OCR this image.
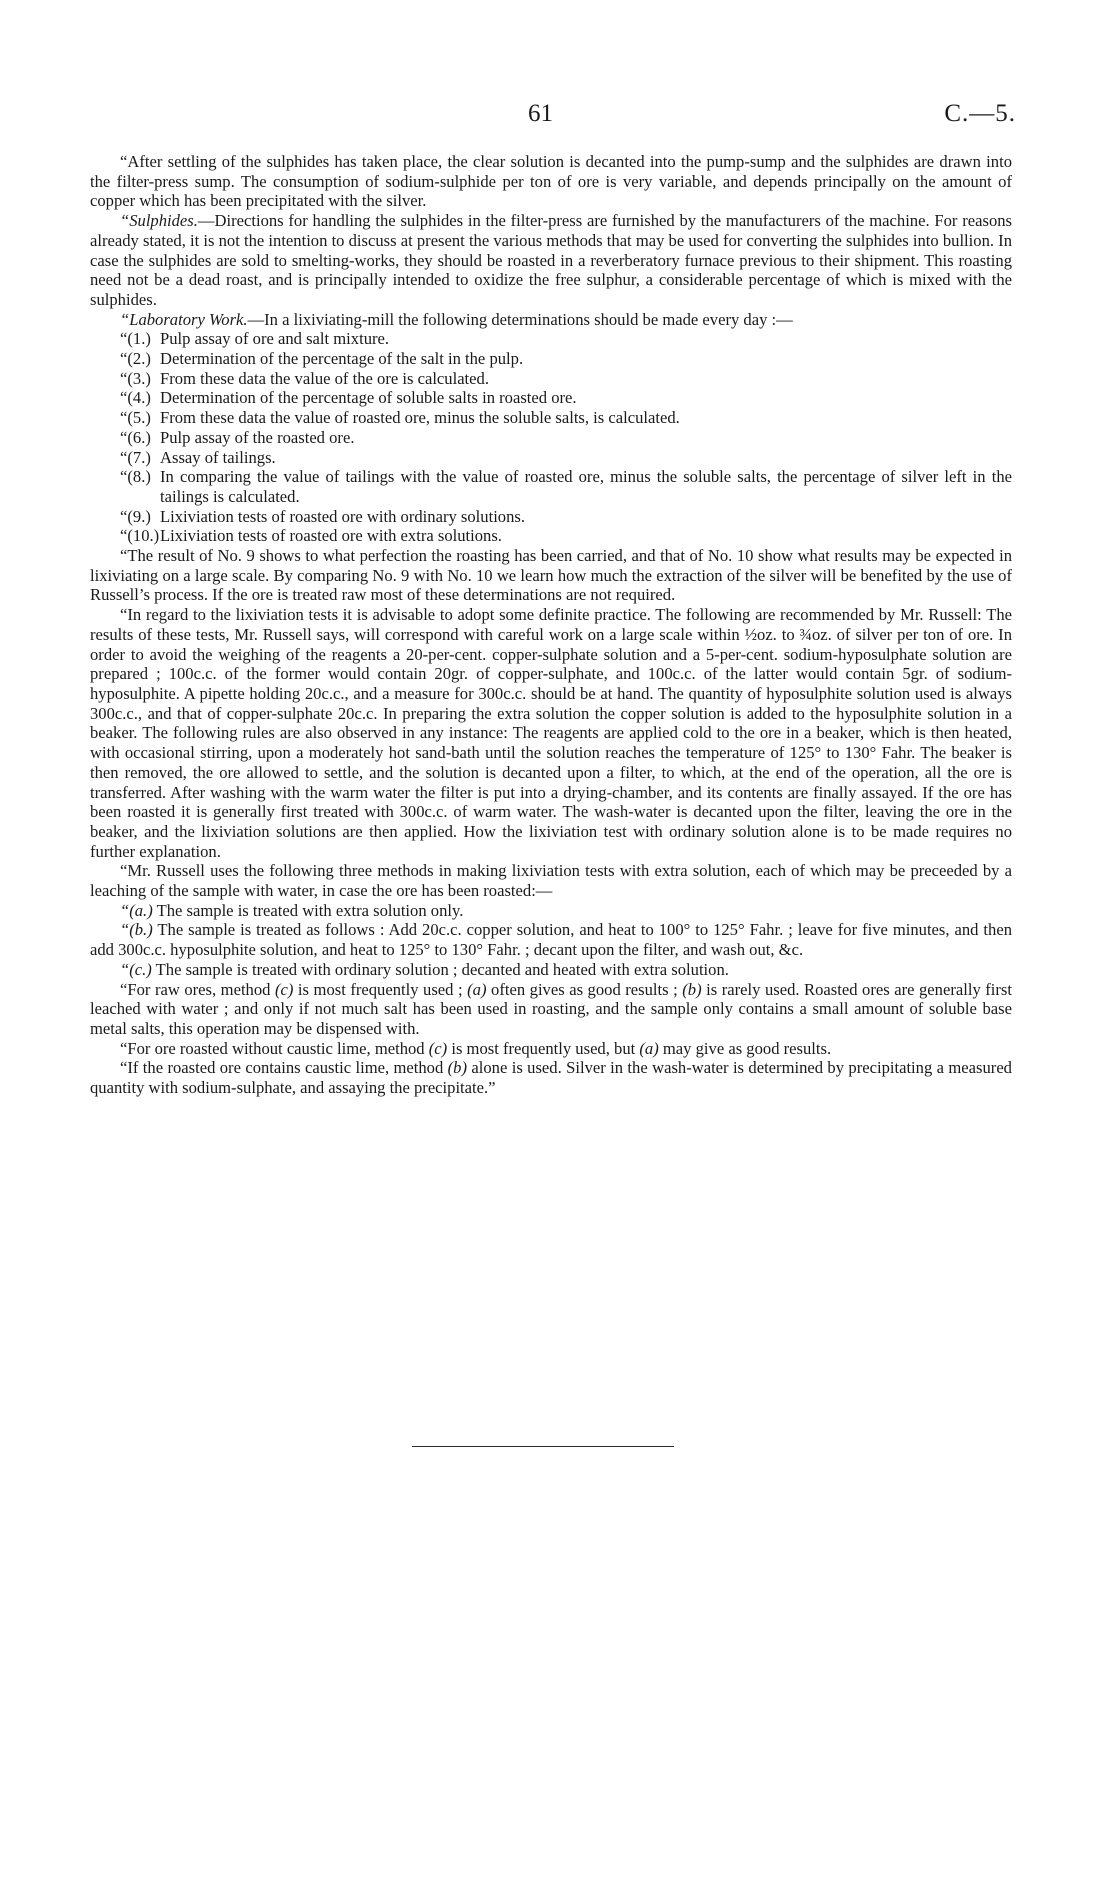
61	C.—5.

“After settling of the sulphides has taken place, the clear solution is decanted into the pump-sump and the sulphides are drawn into the filter-press sump. The consumption of sodium-sulphide per ton of ore is very variable, and depends principally on the amount of copper which has been precipitated with the silver.

“Sulphides.—Directions for handling the sulphides in the filter-press are furnished by the manufacturers of the machine. For reasons already stated, it is not the intention to discuss at present the various methods that may be used for converting the sulphides into bullion. In case the sulphides are sold to smelting-works, they should be roasted in a reverberatory furnace previous to their shipment. This roasting need not be a dead roast, and is principally intended to oxidize the free sulphur, a considerable percentage of which is mixed with the sulphides.

“Laboratory Work.—In a lixiviating-mill the following determinations should be made every day :—

“(1.) Pulp assay of ore and salt mixture.

“(2.) Determination of the percentage of the salt in the pulp.

“(3.) From these data the value of the ore is calculated.

“(4.) Determination of the percentage of soluble salts in roasted ore.

“(5.) From these data the value of roasted ore, minus the soluble salts, is calculated.

“(6.) Pulp assay of the roasted ore.

“(7.) Assay of tailings.

“(8.) In comparing the value of tailings with the value of roasted ore, minus the soluble salts, the percentage of silver left in the tailings is calculated.

“(9.) Lixiviation tests of roasted ore with ordinary solutions.

“(10.) Lixiviation tests of roasted ore with extra solutions.

“The result of No. 9 shows to what perfection the roasting has been carried, and that of No. 10 show what results may be expected in lixiviating on a large scale. By comparing No. 9 with No. 10 we learn how much the extraction of the silver will be benefited by the use of Russell’s process. If the ore is treated raw most of these determinations are not required.

“In regard to the lixiviation tests it is advisable to adopt some definite practice. The following are recommended by Mr. Russell: The results of these tests, Mr. Russell says, will correspond with careful work on a large scale within ½oz. to ¾oz. of silver per ton of ore. In order to avoid the weighing of the reagents a 20-per-cent. copper-sulphate solution and a 5-per-cent. sodium-hyposulphate solution are prepared ; 100c.c. of the former would contain 20gr. of copper-sulphate, and 100c.c. of the latter would contain 5gr. of sodium-hyposulphite. A pipette holding 20c.c., and a measure for 300c.c. should be at hand. The quantity of hyposulphite solution used is always 300c.c., and that of copper-sulphate 20c.c. In preparing the extra solution the copper solution is added to the hyposulphite solution in a beaker. The following rules are also observed in any instance: The reagents are applied cold to the ore in a beaker, which is then heated, with occasional stirring, upon a moderately hot sand-bath until the solution reaches the temperature of 125° to 130° Fahr. The beaker is then removed, the ore allowed to settle, and the solution is decanted upon a filter, to which, at the end of the operation, all the ore is transferred. After washing with the warm water the filter is put into a drying-chamber, and its contents are finally assayed. If the ore has been roasted it is generally first treated with 300c.c. of warm water. The wash-water is decanted upon the filter, leaving the ore in the beaker, and the lixiviation solutions are then applied. How the lixiviation test with ordinary solution alone is to be made requires no further explanation.

“Mr. Russell uses the following three methods in making lixiviation tests with extra solution, each of which may be preceeded by a leaching of the sample with water, in case the ore has been roasted:—

“(a.) The sample is treated with extra solution only.

“(b.) The sample is treated as follows : Add 20c.c. copper solution, and heat to 100° to 125° Fahr. ; leave for five minutes, and then add 300c.c. hyposulphite solution, and heat to 125° to 130° Fahr. ; decant upon the filter, and wash out, &c.

“(c.) The sample is treated with ordinary solution ; decanted and heated with extra solution.

“For raw ores, method (c) is most frequently used ; (a) often gives as good results ; (b) is rarely used. Roasted ores are generally first leached with water ; and only if not much salt has been used in roasting, and the sample only contains a small amount of soluble base metal salts, this operation may be dispensed with.

“For ore roasted without caustic lime, method (c) is most frequently used, but (a) may give as good results.

“If the roasted ore contains caustic lime, method (b) alone is used. Silver in the wash-water is determined by precipitating a measured quantity with sodium-sulphate, and assaying the precipitate.”
